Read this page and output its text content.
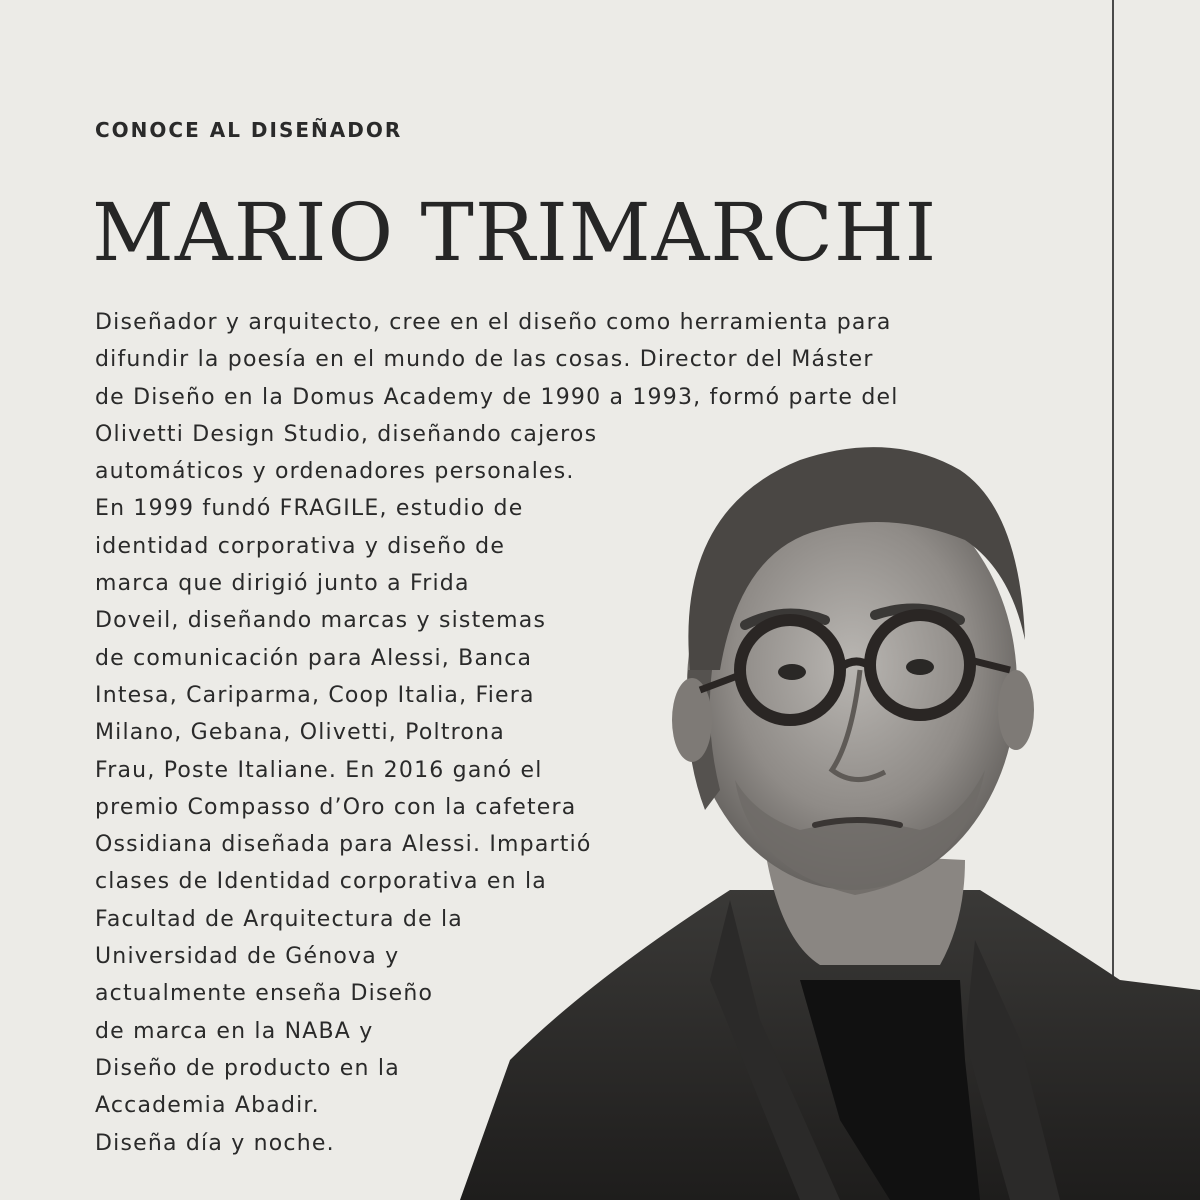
CONOCE AL DISEÑADOR

MARIO TRIMARCHI
Diseñador y arquitecto, cree en el diseño como herramienta para
difundir la poesía en el mundo de las cosas. Director del Máster
de Diseño en la Domus Academy de 1990 a 1993, formó parte del
Olivetti Design Studio, diseñando cajeros
automáticos y ordenadores personales.
En 1999 fundó FRAGILE, estudio de
identidad corporativa y diseño de
marca que dirigió junto a Frida
Doveil, diseñando marcas y sistemas
de comunicación para Alessi, Banca
Intesa, Cariparma, Coop Italia, Fiera
Milano, Gebana, Olivetti, Poltrona
Frau, Poste Italiane. En 2016 ganó el
premio Compasso d’Oro con la cafetera
Ossidiana diseñada para Alessi. Impartió
clases de Identidad corporativa en la
Facultad de Arquitectura de la
Universidad de Génova y
actualmente enseña Diseño
de marca en la NABA y
Diseño de producto en la
Accademia Abadir.
Diseña día y noche.
